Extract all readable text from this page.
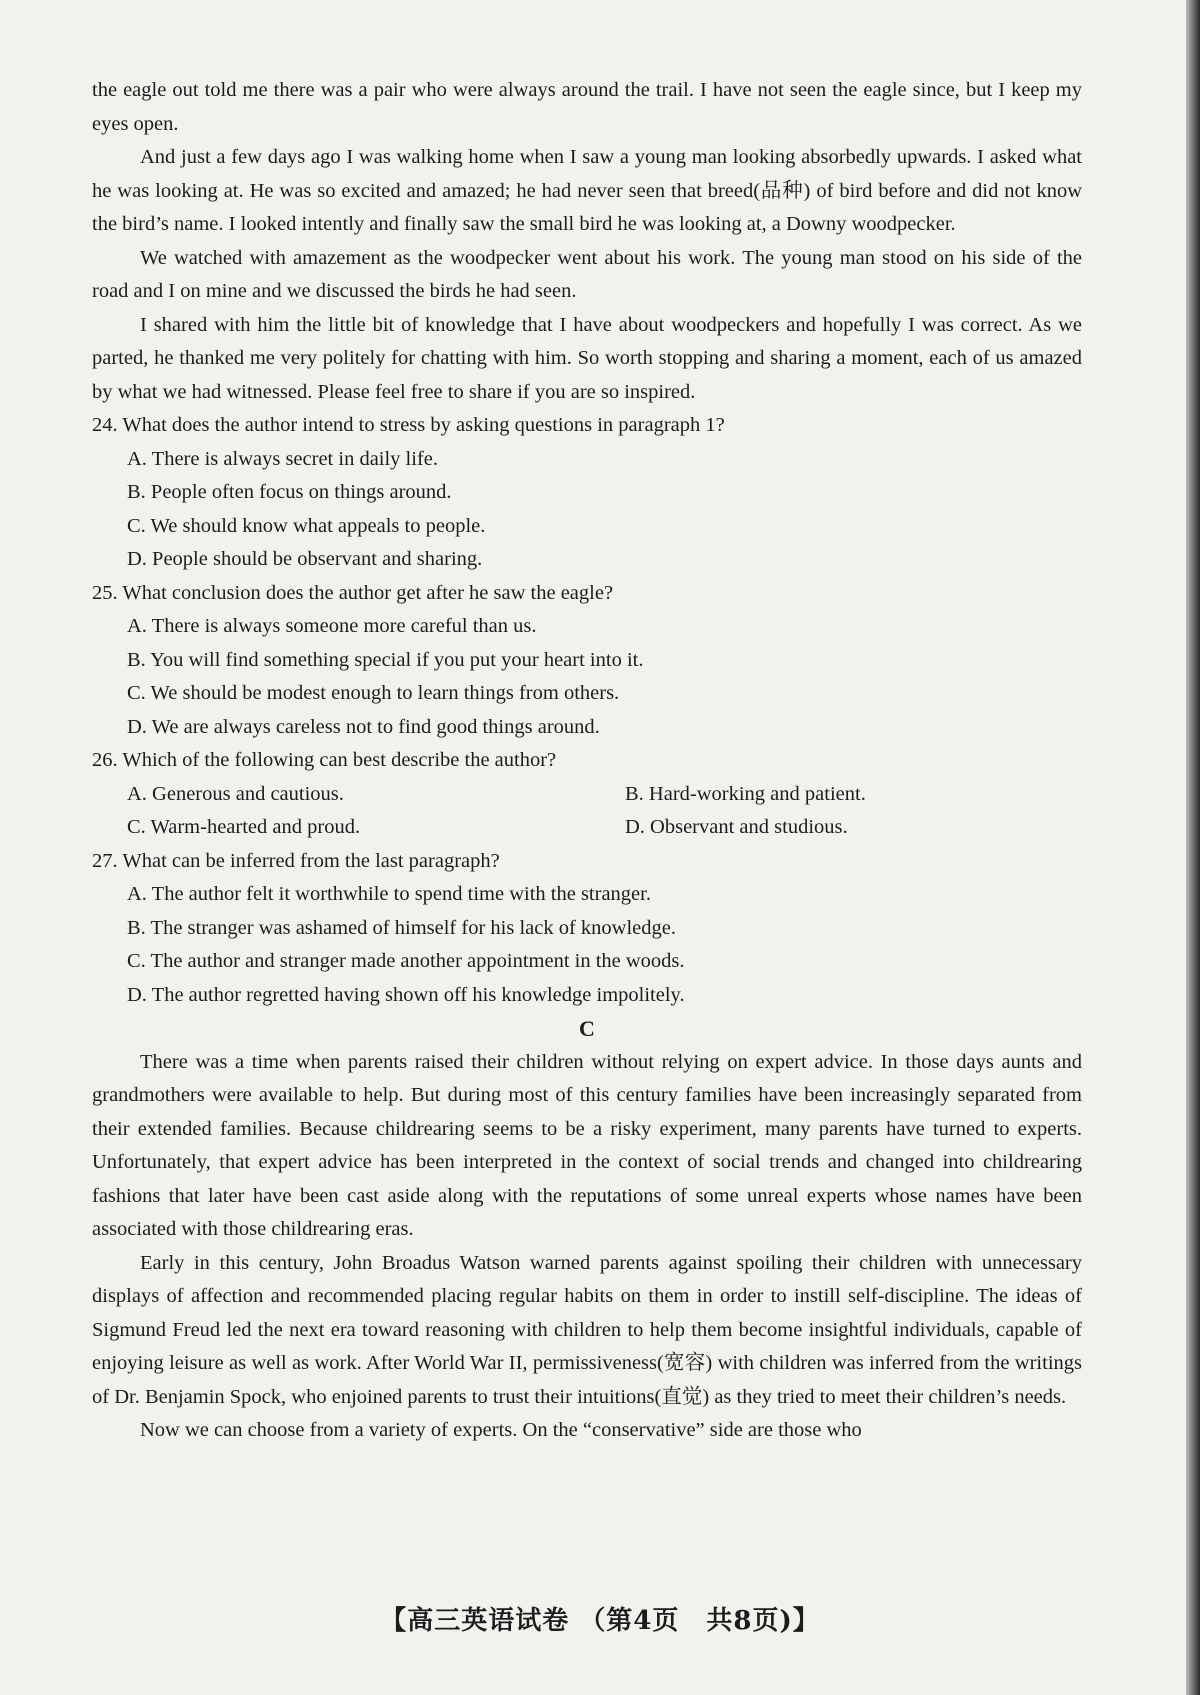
the eagle out told me there was a pair who were always around the trail. I have not seen the eagle since, but I keep my eyes open.

And just a few days ago I was walking home when I saw a young man looking absorbedly upwards. I asked what he was looking at. He was so excited and amazed; he had never seen that breed(品种) of bird before and did not know the bird’s name. I looked intently and finally saw the small bird he was looking at, a Downy woodpecker.

We watched with amazement as the woodpecker went about his work. The young man stood on his side of the road and I on mine and we discussed the birds he had seen.

I shared with him the little bit of knowledge that I have about woodpeckers and hopefully I was correct. As we parted, he thanked me very politely for chatting with him. So worth stopping and sharing a moment, each of us amazed by what we had witnessed. Please feel free to share if you are so inspired.

24. What does the author intend to stress by asking questions in paragraph 1?

A. There is always secret in daily life.

B. People often focus on things around.

C. We should know what appeals to people.

D. People should be observant and sharing.

25. What conclusion does the author get after he saw the eagle?

A. There is always someone more careful than us.

B. You will find something special if you put your heart into it.

C. We should be modest enough to learn things from others.

D. We are always careless not to find good things around.

26. Which of the following can best describe the author?

A. Generous and cautious.	B. Hard-working and patient.
C. Warm-hearted and proud.	D. Observant and studious.

27. What can be inferred from the last paragraph?

A. The author felt it worthwhile to spend time with the stranger.

B. The stranger was ashamed of himself for his lack of knowledge.

C. The author and stranger made another appointment in the woods.

D. The author regretted having shown off his knowledge impolitely.

C

There was a time when parents raised their children without relying on expert advice. In those days aunts and grandmothers were available to help. But during most of this century families have been increasingly separated from their extended families. Because childrearing seems to be a risky experiment, many parents have turned to experts. Unfortunately, that expert advice has been interpreted in the context of social trends and changed into childrearing fashions that later have been cast aside along with the reputations of some unreal experts whose names have been associated with those childrearing eras.

Early in this century, John Broadus Watson warned parents against spoiling their children with unnecessary displays of affection and recommended placing regular habits on them in order to instill self-discipline. The ideas of Sigmund Freud led the next era toward reasoning with children to help them become insightful individuals, capable of enjoying leisure as well as work. After World War II, permissiveness(宽容) with children was inferred from the writings of Dr. Benjamin Spock, who enjoined parents to trust their intuitions(直觉) as they tried to meet their children’s needs.

Now we can choose from a variety of experts. On the “conservative” side are those who

【高三英语试卷 （第4页　共8页)】
